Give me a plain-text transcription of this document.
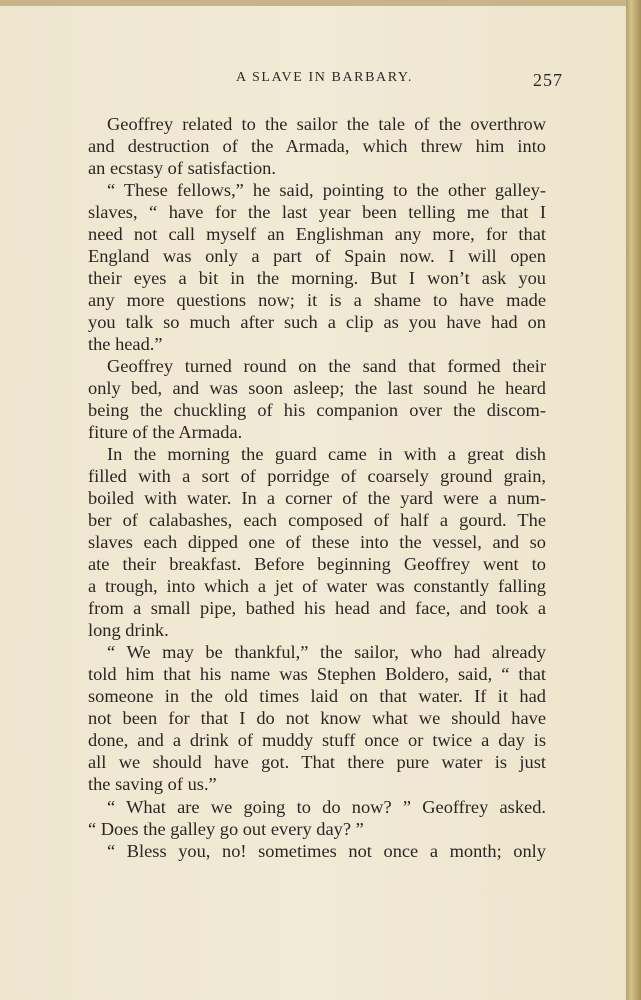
A SLAVE IN BARBARY.	257
Geoffrey related to the sailor the tale of the overthrow
and destruction of the Armada, which threw him into
an ecstasy of satisfaction.
“ These fellows,” he said, pointing to the other galley-
slaves, “ have for the last year been telling me that I
need not call myself an Englishman any more, for that
England was only a part of Spain now. I will open
their eyes a bit in the morning. But I won’t ask you
any more questions now; it is a shame to have made
you talk so much after such a clip as you have had on
the head.”
Geoffrey turned round on the sand that formed their
only bed, and was soon asleep; the last sound he heard
being the chuckling of his companion over the discom-
fiture of the Armada.
In the morning the guard came in with a great dish
filled with a sort of porridge of coarsely ground grain,
boiled with water. In a corner of the yard were a num-
ber of calabashes, each composed of half a gourd. The
slaves each dipped one of these into the vessel, and so
ate their breakfast. Before beginning Geoffrey went to
a trough, into which a jet of water was constantly falling
from a small pipe, bathed his head and face, and took a
long drink.
“ We may be thankful,” the sailor, who had already
told him that his name was Stephen Boldero, said, “ that
someone in the old times laid on that water. If it had
not been for that I do not know what we should have
done, and a drink of muddy stuff once or twice a day is
all we should have got. That there pure water is just
the saving of us.”
“ What are we going to do now? ” Geoffrey asked.
“ Does the galley go out every day? ”
“ Bless you, no! sometimes not once a month; only
